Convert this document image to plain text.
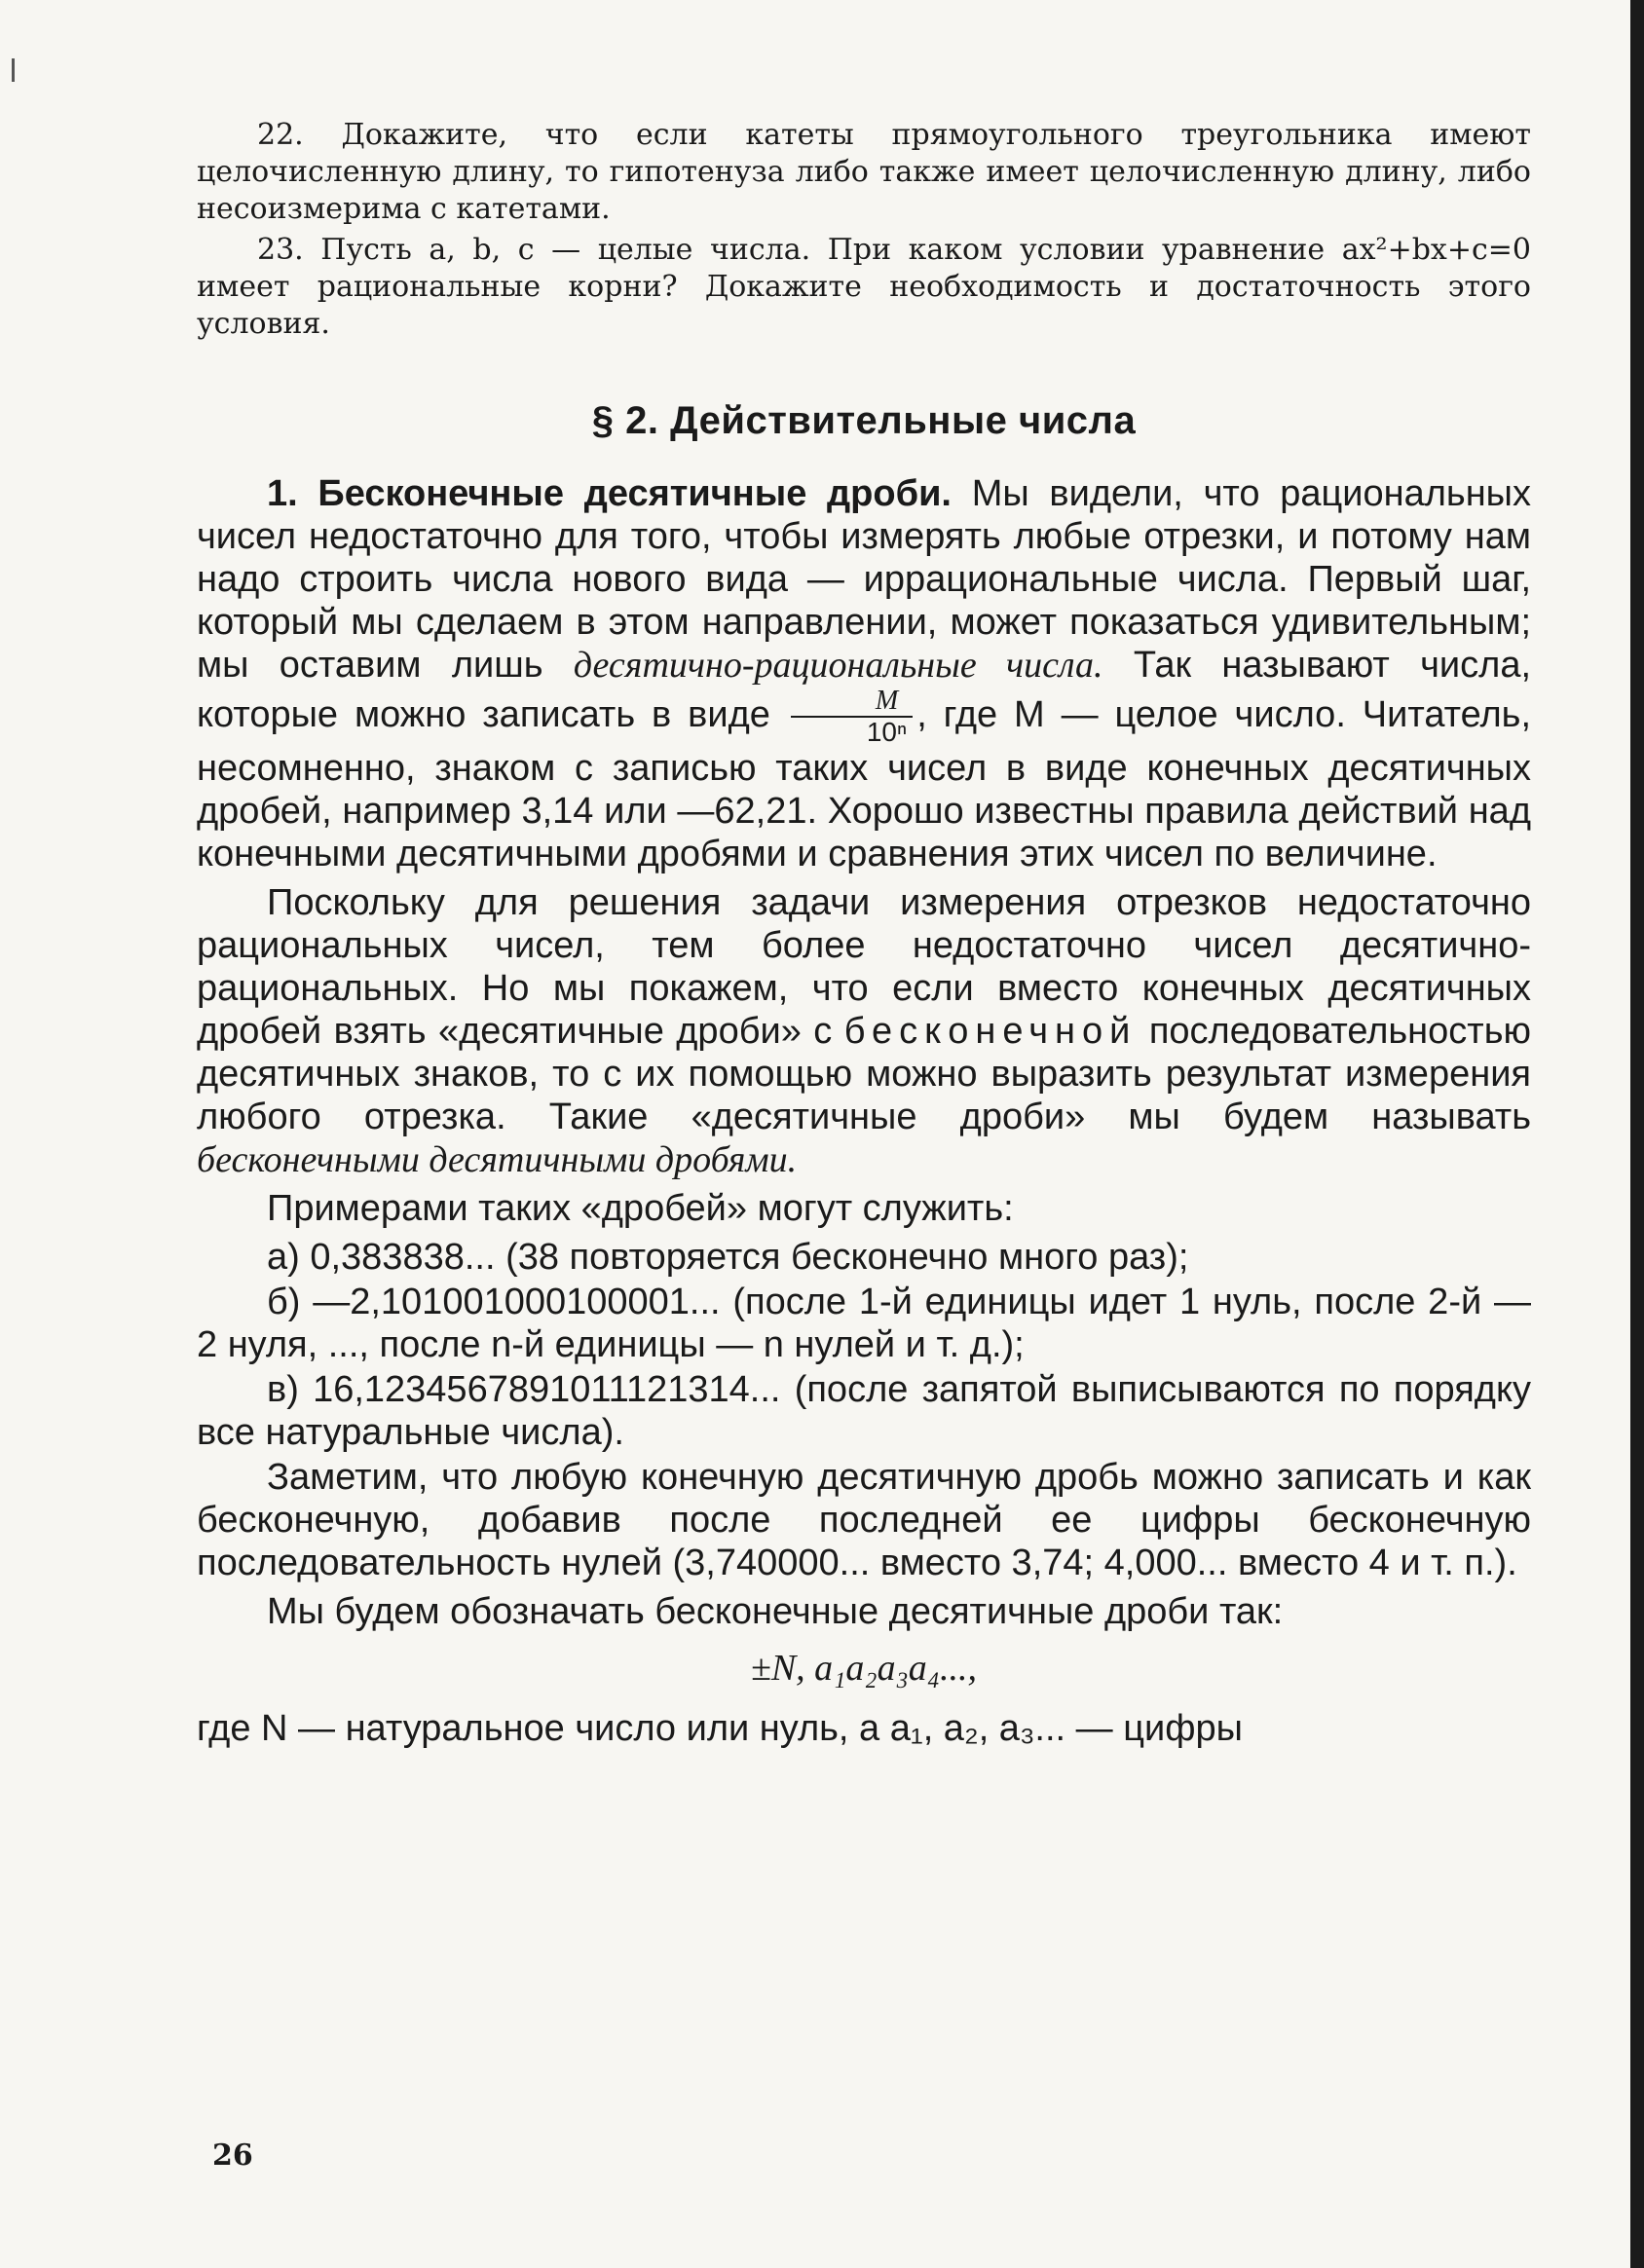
22. Докажите, что если катеты прямоугольного треугольника имеют целочисленную длину, то гипотенуза либо также имеет целочисленную длину, либо несоизмерима с катетами.

23. Пусть a, b, c — целые числа. При каком условии уравнение ax²+bx+c=0 имеет рациональные корни? Докажите необходимость и достаточность этого условия.

§ 2. Действительные числа

1. Бесконечные десятичные дроби. Мы видели, что рациональных чисел недостаточно для того, чтобы измерять любые отрезки, и потому нам надо строить числа нового вида — иррациональные числа. Первый шаг, который мы сделаем в этом направлении, может показаться удивительным; мы оставим лишь десятично-рациональные числа. Так называют числа, которые можно записать в виде $\frac{M}{\text{10ⁿ}}$ , где M — целое число. Читатель, несомненно, знаком с записью таких чисел в виде конечных десятичных дробей, например 3,14 или —62,21. Хорошо известны правила действий над конечными десятичными дробями и сравнения этих чисел по величине.

Поскольку для решения задачи измерения отрезков недостаточно рациональных чисел, тем более недостаточно чисел десятично-рациональных. Но мы покажем, что если вместо конечных десятичных дробей взять «десятичные дроби» с бесконечной последовательностью десятичных знаков, то с их помощью можно выразить результат измерения любого отрезка. Такие «десятичные дроби» мы будем называть бесконечными десятичными дробями.

Примерами таких «дробей» могут служить:

а) 0,383838... (38 повторяется бесконечно много раз);

б) —2,101001000100001... (после 1-й единицы идет 1 нуль, после 2-й — 2 нуля, ..., после n-й единицы — n нулей и т. д.);

в) 16,1234567891011121314... (после запятой выписываются по порядку все натуральные числа).

Заметим, что любую конечную десятичную дробь можно записать и как бесконечную, добавив после последней ее цифры бесконечную последовательность нулей (3,740000... вместо 3,74; 4,000... вместо 4 и т. п.).

Мы будем обозначать бесконечные десятичные дроби так:

±N, a₁a₂a₃a₄...,

где N — натуральное число или нуль, а a₁, a₂, a₃... — цифры

26
